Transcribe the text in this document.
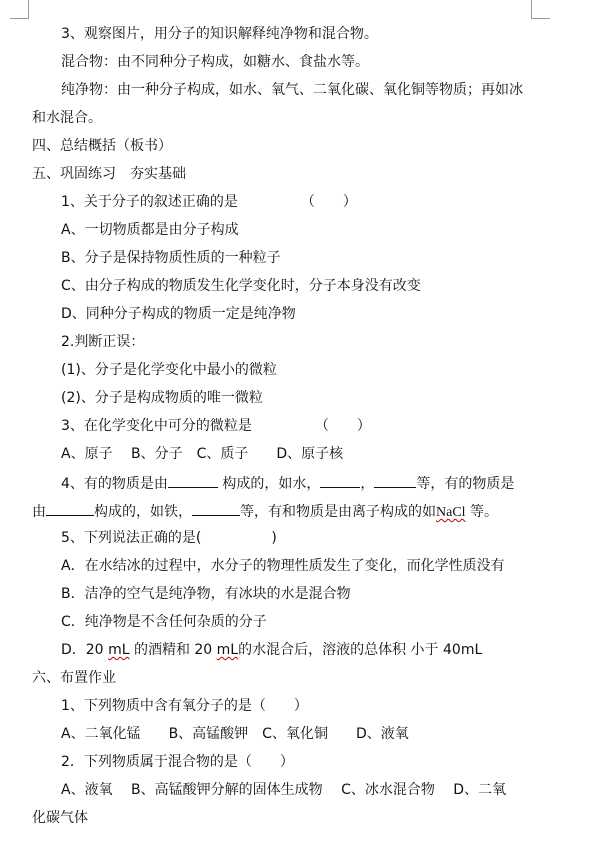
3、观察图片，用分子的知识解释纯净物和混合物。
混合物：由不同种分子构成，如糖水、食盐水等。
纯净物：由一种分子构成，如水、氧气、二氧化碳、氧化铜等物质；再如冰
和水混合。
四、总结概括（板书）
五、巩固练习　夯实基础
1、关于分子的叙述正确的是　　　　　（　　）
A、一切物质都是由分子构成
B、分子是保持物质性质的一种粒子
C、由分子构成的物质发生化学变化时，分子本身没有改变
D、同种分子构成的物质一定是纯净物
2.判断正误：
(1)、分子是化学变化中最小的微粒
(2)、分子是构成物质的唯一微粒
3、在化学变化中可分的微粒是　　　　　（　　）
A、原子　 B、分子　C、质子　　D、原子核
4、有的物质是由	构成的，如水，	，	等，有的物质是
由	构成的，如铁，	等，有和物质是由离子构成的如NaCl 等。
5、下列说法正确的是(　　　　　)
A．在水结冰的过程中，水分子的物理性质发生了变化，而化学性质没有
B．洁净的空气是纯净物，有冰块的水是混合物
C．纯净物是不含任何杂质的分子
D．20 mL 的酒精和 20 mL的水混合后，溶液的总体积 小于 40mL
六、布置作业
1、下列物质中含有氧分子的是（　　）
A、二氧化锰　　B、高锰酸钾　C、氧化铜　　D、液氧
2．下列物质属于混合物的是（　　）
A、液氧　 B、高锰酸钾分解的固体生成物　 C、冰水混合物　 D、二氧
化碳气体
